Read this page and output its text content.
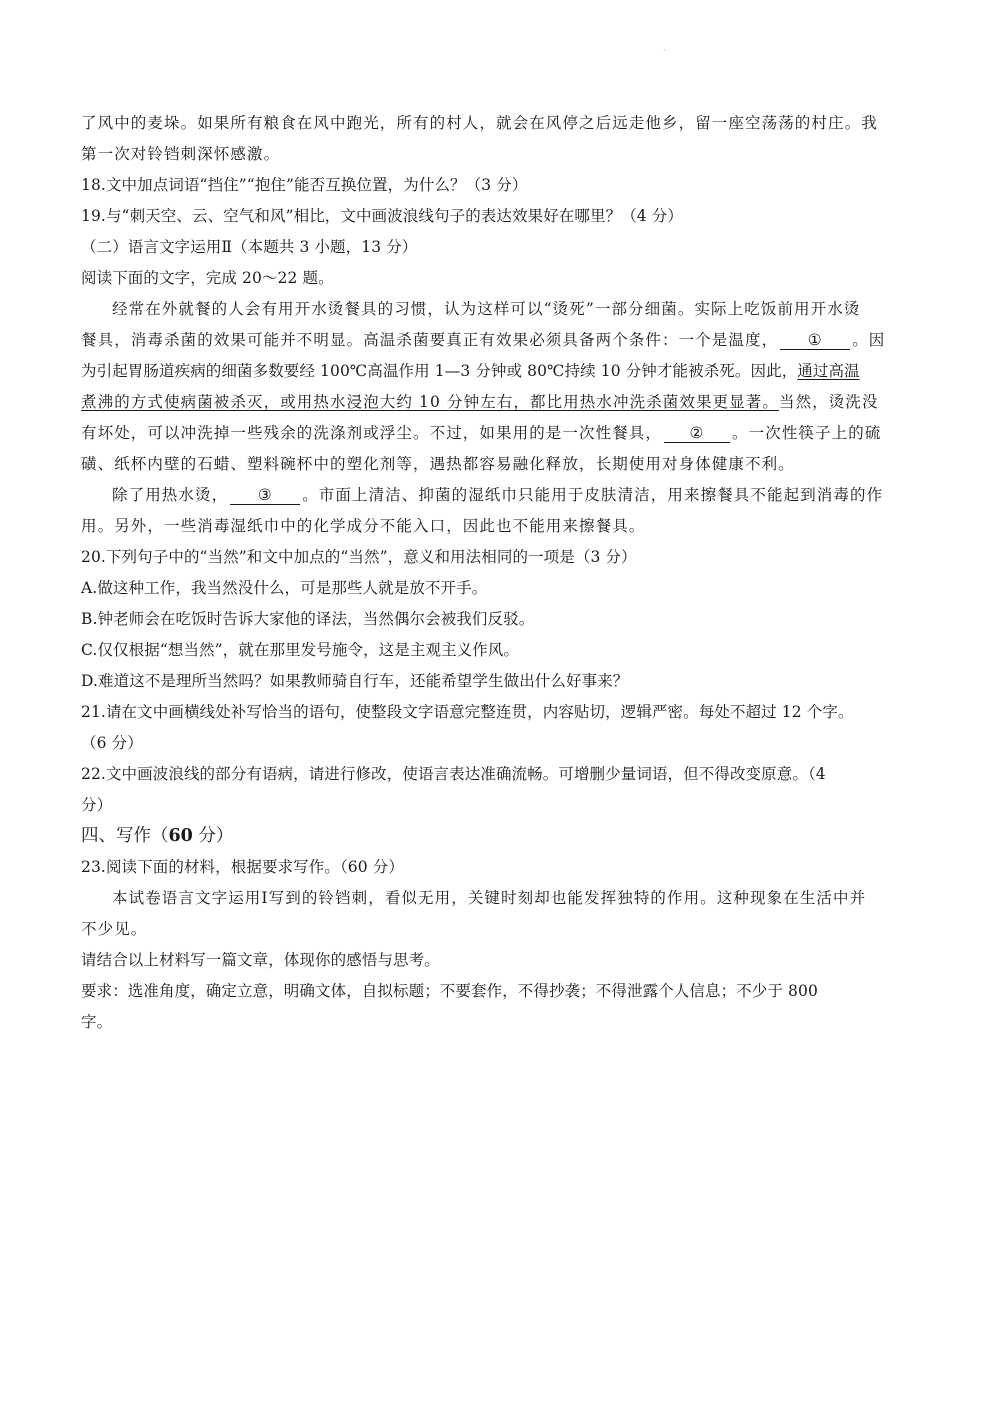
·
了风中的麦垛。如果所有粮食在风中跑光，所有的村人，就会在风停之后远走他乡，留一座空荡荡的村庄。我
第一次对铃铛刺深怀感激。
18.文中加点词语“挡住”“抱住”能否互换位置，为什么？（3 分）
19.与“刺天空、云、空气和风”相比，文中画波浪线句子的表达效果好在哪里？（4 分）
（二）语言文字运用Ⅱ（本题共 3 小题，13 分）
阅读下面的文字，完成 20～22 题。
经常在外就餐的人会有用开水烫餐具的习惯，认为这样可以“烫死”一部分细菌。实际上吃饭前用开水烫
餐具，消毒杀菌的效果可能并不明显。高温杀菌要真正有效果必须具备两个条件：一个是温度， ① 。因
为引起胃肠道疾病的细菌多数要经 100℃高温作用 1—3 分钟或 80℃持续 10 分钟才能被杀死。因此，通过高温
煮沸的方式使病菌被杀灭，或用热水浸泡大约 10 分钟左右，都比用热水冲洗杀菌效果更显著。当然，烫洗没
有坏处，可以冲洗掉一些残余的洗涤剂或浮尘。不过，如果用的是一次性餐具， ② 。一次性筷子上的硫
磺、纸杯内壁的石蜡、塑料碗杯中的塑化剂等，遇热都容易融化释放，长期使用对身体健康不利。
除了用热水烫， ③ 。市面上清洁、抑菌的湿纸巾只能用于皮肤清洁，用来擦餐具不能起到消毒的作
用。另外，一些消毒湿纸巾中的化学成分不能入口，因此也不能用来擦餐具。
20.下列句子中的“当然”和文中加点的“当然”，意义和用法相同的一项是（3 分）
A.做这种工作，我当然没什么，可是那些人就是放不开手。
B.钟老师会在吃饭时告诉大家他的译法，当然偶尔会被我们反驳。
C.仅仅根据“想当然”，就在那里发号施令，这是主观主义作风。
D.难道这不是理所当然吗？如果教师骑自行车，还能希望学生做出什么好事来？
21.请在文中画横线处补写恰当的语句，使整段文字语意完整连贯，内容贴切，逻辑严密。每处不超过 12 个字。
（6 分）
22.文中画波浪线的部分有语病，请进行修改，使语言表达准确流畅。可增删少量词语，但不得改变原意。（4
分）
四、写作（60 分）
23.阅读下面的材料，根据要求写作。（60 分）
本试卷语言文字运用Ⅰ写到的铃铛刺，看似无用，关键时刻却也能发挥独特的作用。这种现象在生活中并
不少见。
请结合以上材料写一篇文章，体现你的感悟与思考。
要求：选准角度，确定立意，明确文体，自拟标题；不要套作，不得抄袭；不得泄露个人信息；不少于 800
字。
